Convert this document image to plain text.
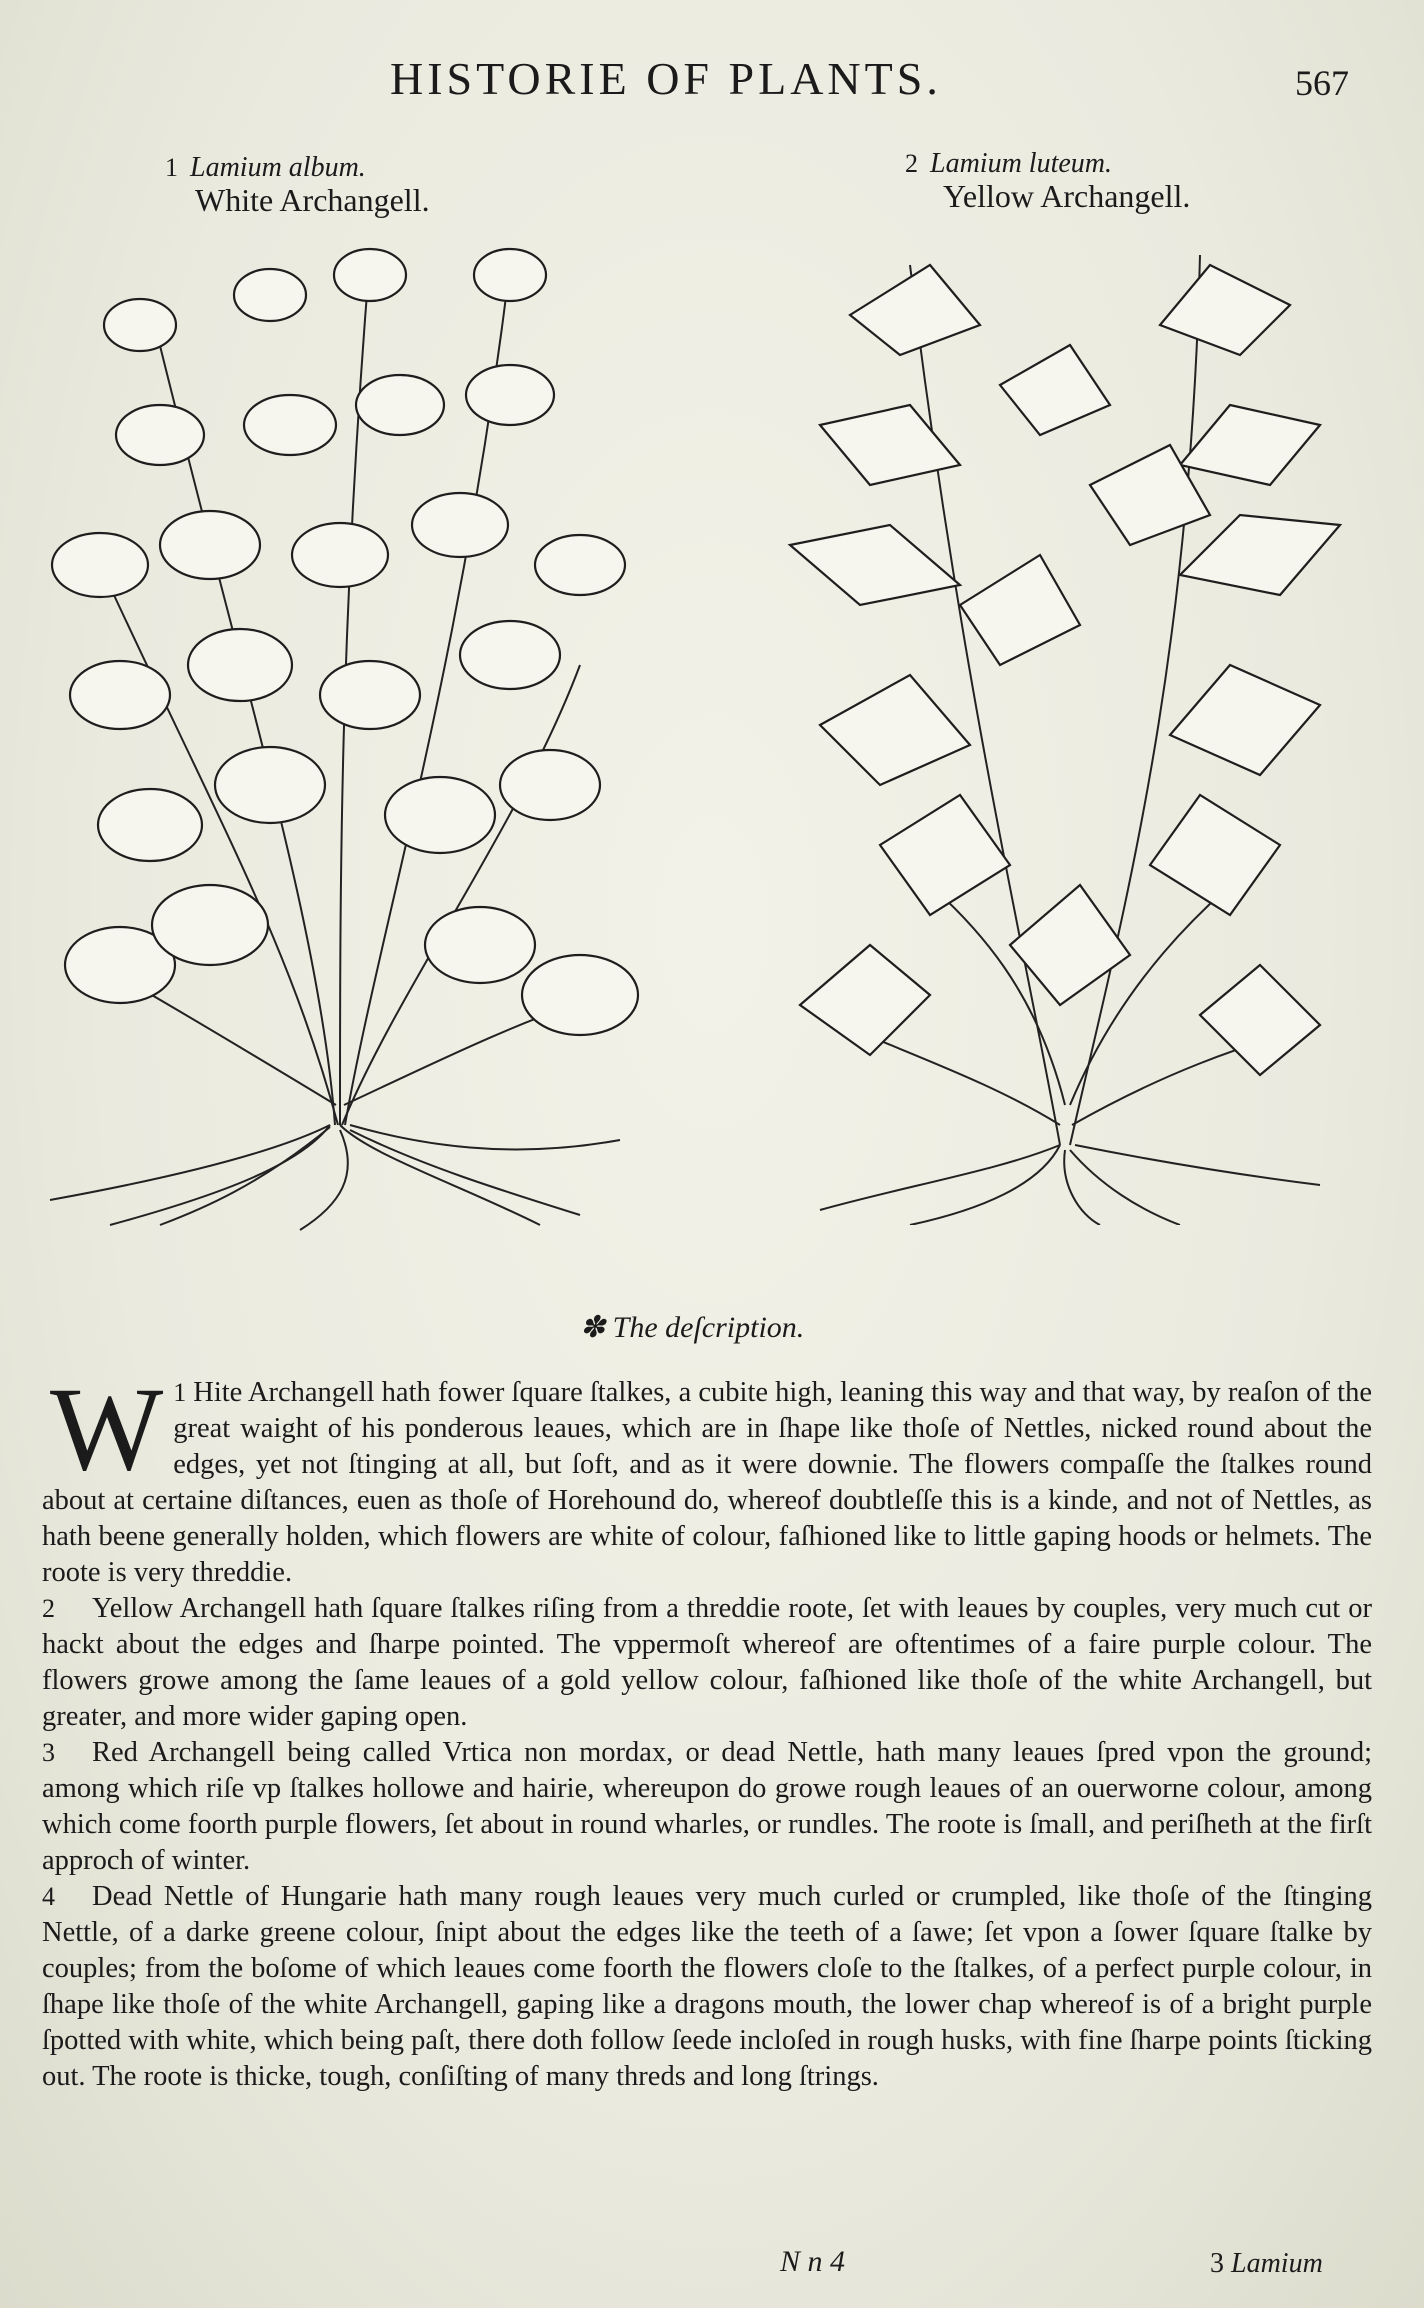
HISTORIE OF PLANTS.	567
1 Lamium album.
White Archangell.
2 Lamium luteum.
Yellow Archangell.
✽ The deſcription.

1
W Hite Archangell hath fower ſquare ſtalkes, a cubite high, leaning this way and that way, by reaſon of the great waight of his ponderous leaues, which are in ſhape like thoſe of Nettles, nicked round about the edges, yet not ſtinging at all, but ſoft, and as it were downie. The flowers compaſſe the ſtalkes round about at certaine diſtances, euen as thoſe of Horehound do, whereof doubtleſſe this is a kinde, and not of Nettles, as hath beene generally holden, which flowers are white of colour, faſhioned like to little gaping hoods or helmets. The roote is very threddie.

2 Yellow Archangell hath ſquare ſtalkes riſing from a threddie roote, ſet with leaues by couples, very much cut or hackt about the edges and ſharpe pointed. The vppermoſt whereof are oftentimes of a faire purple colour. The flowers growe among the ſame leaues of a gold yellow colour, faſhioned like thoſe of the white Archangell, but greater, and more wider gaping open.

3 Red Archangell being called Vrtica non mordax, or dead Nettle, hath many leaues ſpred vpon the ground; among which riſe vp ſtalkes hollowe and hairie, whereupon do growe rough leaues of an ouerworne colour, among which come foorth purple flowers, ſet about in round wharles, or rundles. The roote is ſmall, and periſheth at the firſt approch of winter.

4 Dead Nettle of Hungarie hath many rough leaues very much curled or crumpled, like thoſe of the ſtinging Nettle, of a darke greene colour, ſnipt about the edges like the teeth of a ſawe; ſet vpon a ſower ſquare ſtalke by couples; from the boſome of which leaues come foorth the flowers cloſe to the ſtalkes, of a perfect purple colour, in ſhape like thoſe of the white Archangell, gaping like a dragons mouth, the lower chap whereof is of a bright purple ſpotted with white, which being paſt, there doth follow ſeede incloſed in rough husks, with fine ſharpe points ſticking out. The roote is thicke, tough, conſiſting of many threds and long ſtrings.

N n 4	3 Lamium
